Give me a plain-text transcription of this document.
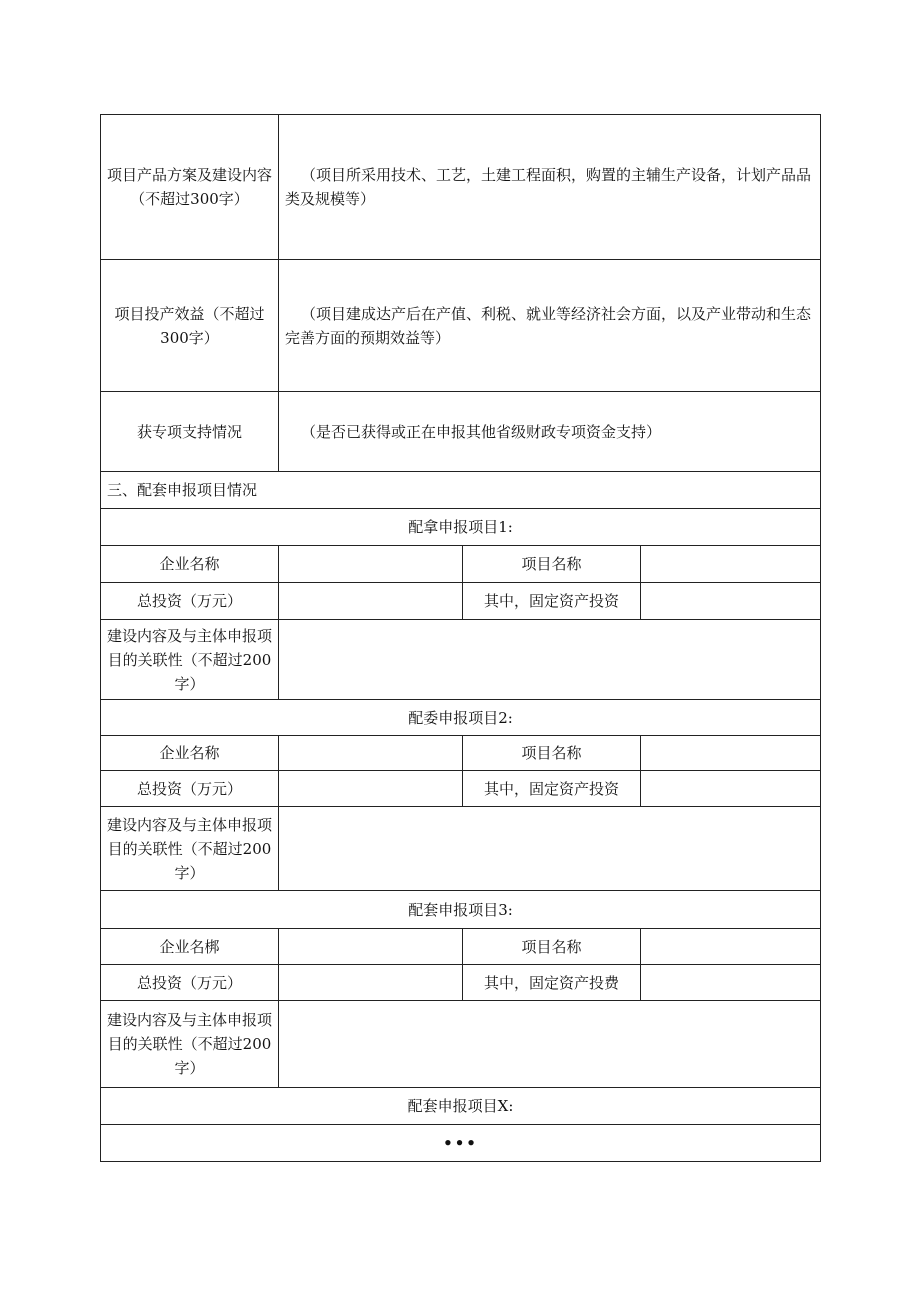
项目产品方案及建设内容（不超过300字）	（项目所采用技术、工艺，土建工程面积，购置的主辅生产设备，计划产品品类及规模等）		
项目投产效益（不超过300字）	（项目建成达产后在产值、利税、就业等经济社会方面，以及产业带动和生态完善方面的预期效益等）		
获专项支持情况	（是否已获得或正在申报其他省级财政专项资金支持）		
三、配套申报项目情况			
配拿申报项目1:			
企业名称		项目名称	
总投资（万元）		其中，固定资产投资	
建设内容及与主体申报项目的关联性（不超过200字）			
配委申报项目2:			
企业名称		项目名称	
总投资（万元）		其中，固定资产投资	
建设内容及与主体申报项目的关联性（不超过200字）			
配套申报项目3:			
企业名梆		项目名称	
总投资（万元）		其中，固定资产投费	
建设内容及与主体申报项目的关联性（不超过200字）			
配套申报项目X:			
•••			
